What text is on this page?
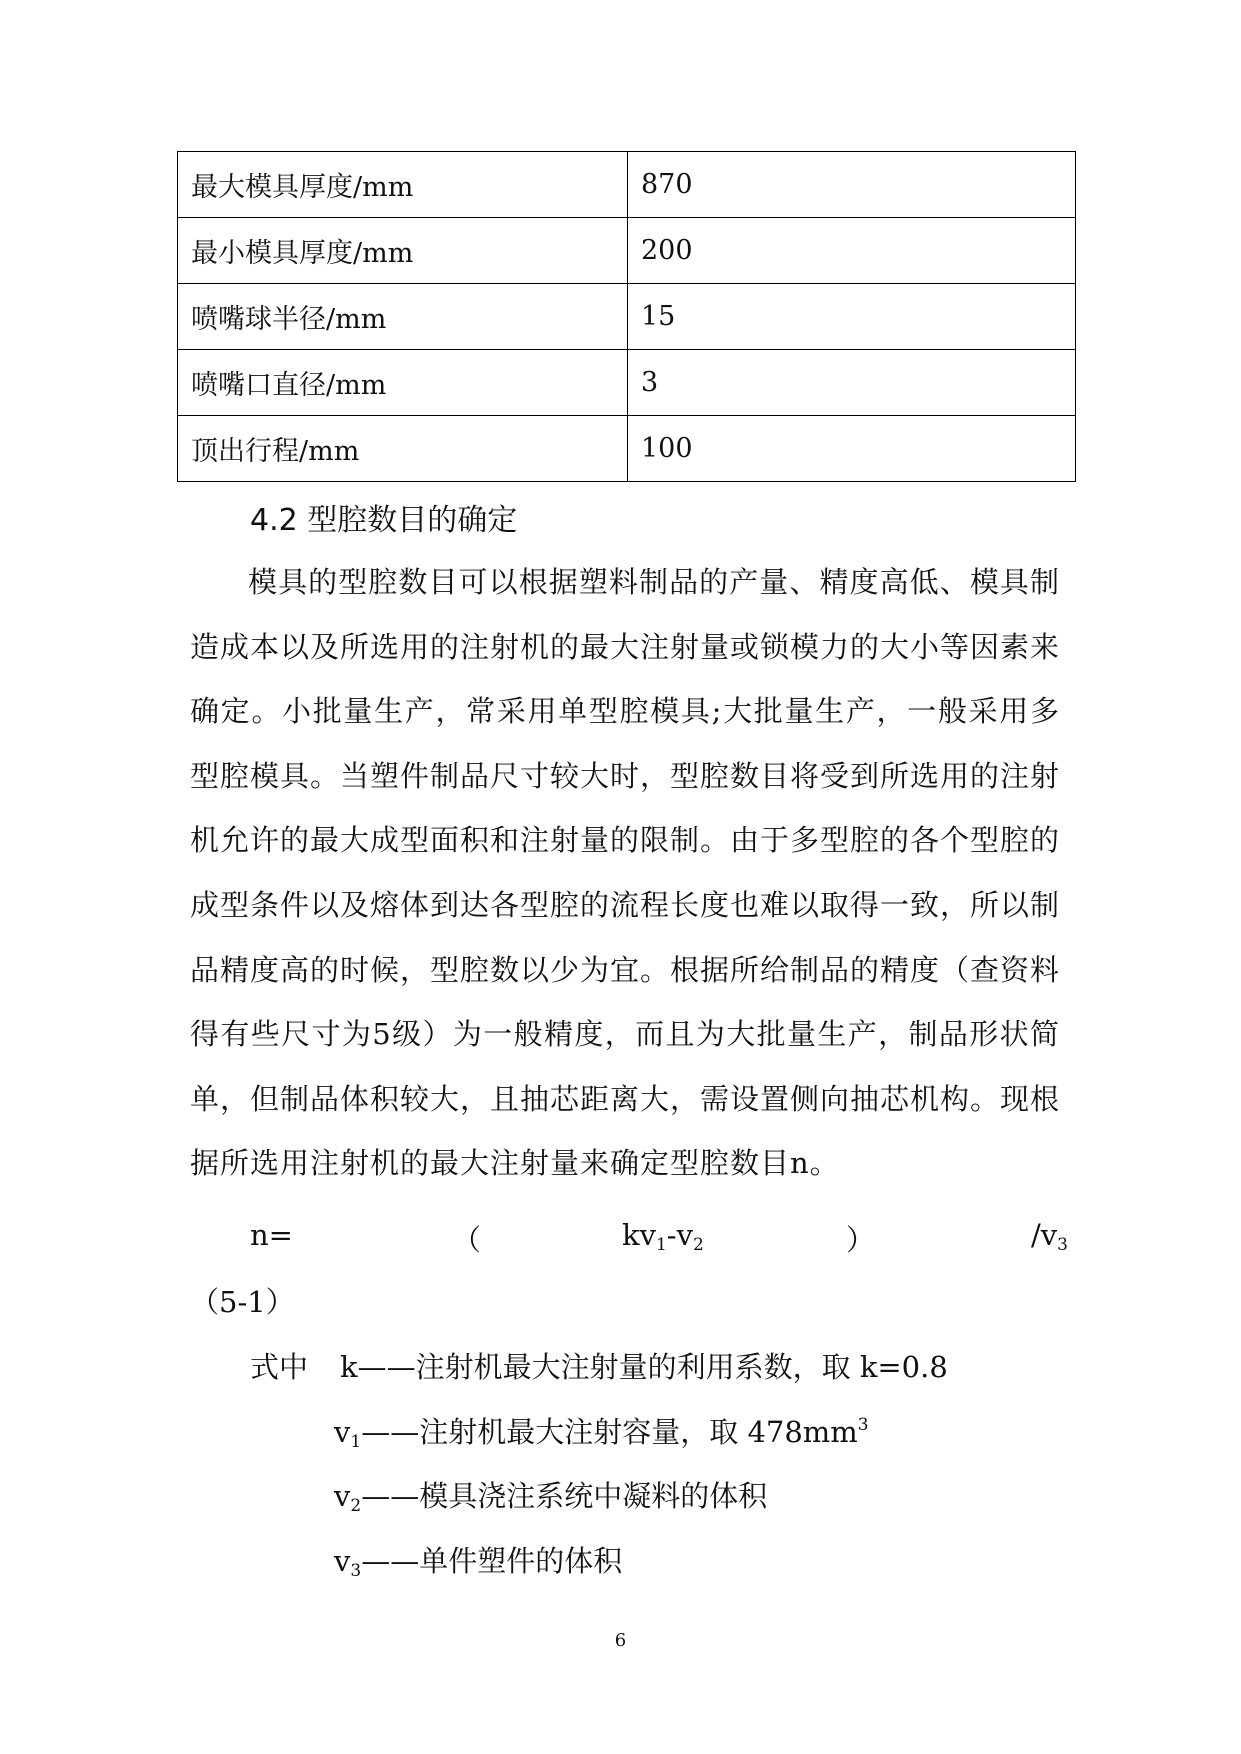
最大模具厚度/mm	870
最小模具厚度/mm	200
喷嘴球半径/mm	15
喷嘴口直径/mm	3
顶出行程/mm	100
4.2 型腔数目的确定
模具的型腔数目可以根据塑料制品的产量、精度高低、模具制造成本以及所选用的注射机的最大注射量或锁模力的大小等因素来确定。小批量生产，常采用单型腔模具;大批量生产，一般采用多型腔模具。当塑件制品尺寸较大时，型腔数目将受到所选用的注射机允许的最大成型面积和注射量的限制。由于多型腔的各个型腔的成型条件以及熔体到达各型腔的流程长度也难以取得一致，所以制品精度高的时候，型腔数以少为宜。根据所给制品的精度（查资料得有些尺寸为5级）为一般精度，而且为大批量生产，制品形状简单，但制品体积较大，且抽芯距离大，需设置侧向抽芯机构。现根据所选用注射机的最大注射量来确定型腔数目n。
n=	（	$kv_1-v_2$	）	$/v_3$
（5-1）
式中 k——注射机最大注射量的利用系数，取 k=0.8
$v_1——$注射机最大注射容量，取 $478mm^3$
$v_2——$模具浇注系统中凝料的体积
$v_3——$单件塑件的体积
6
